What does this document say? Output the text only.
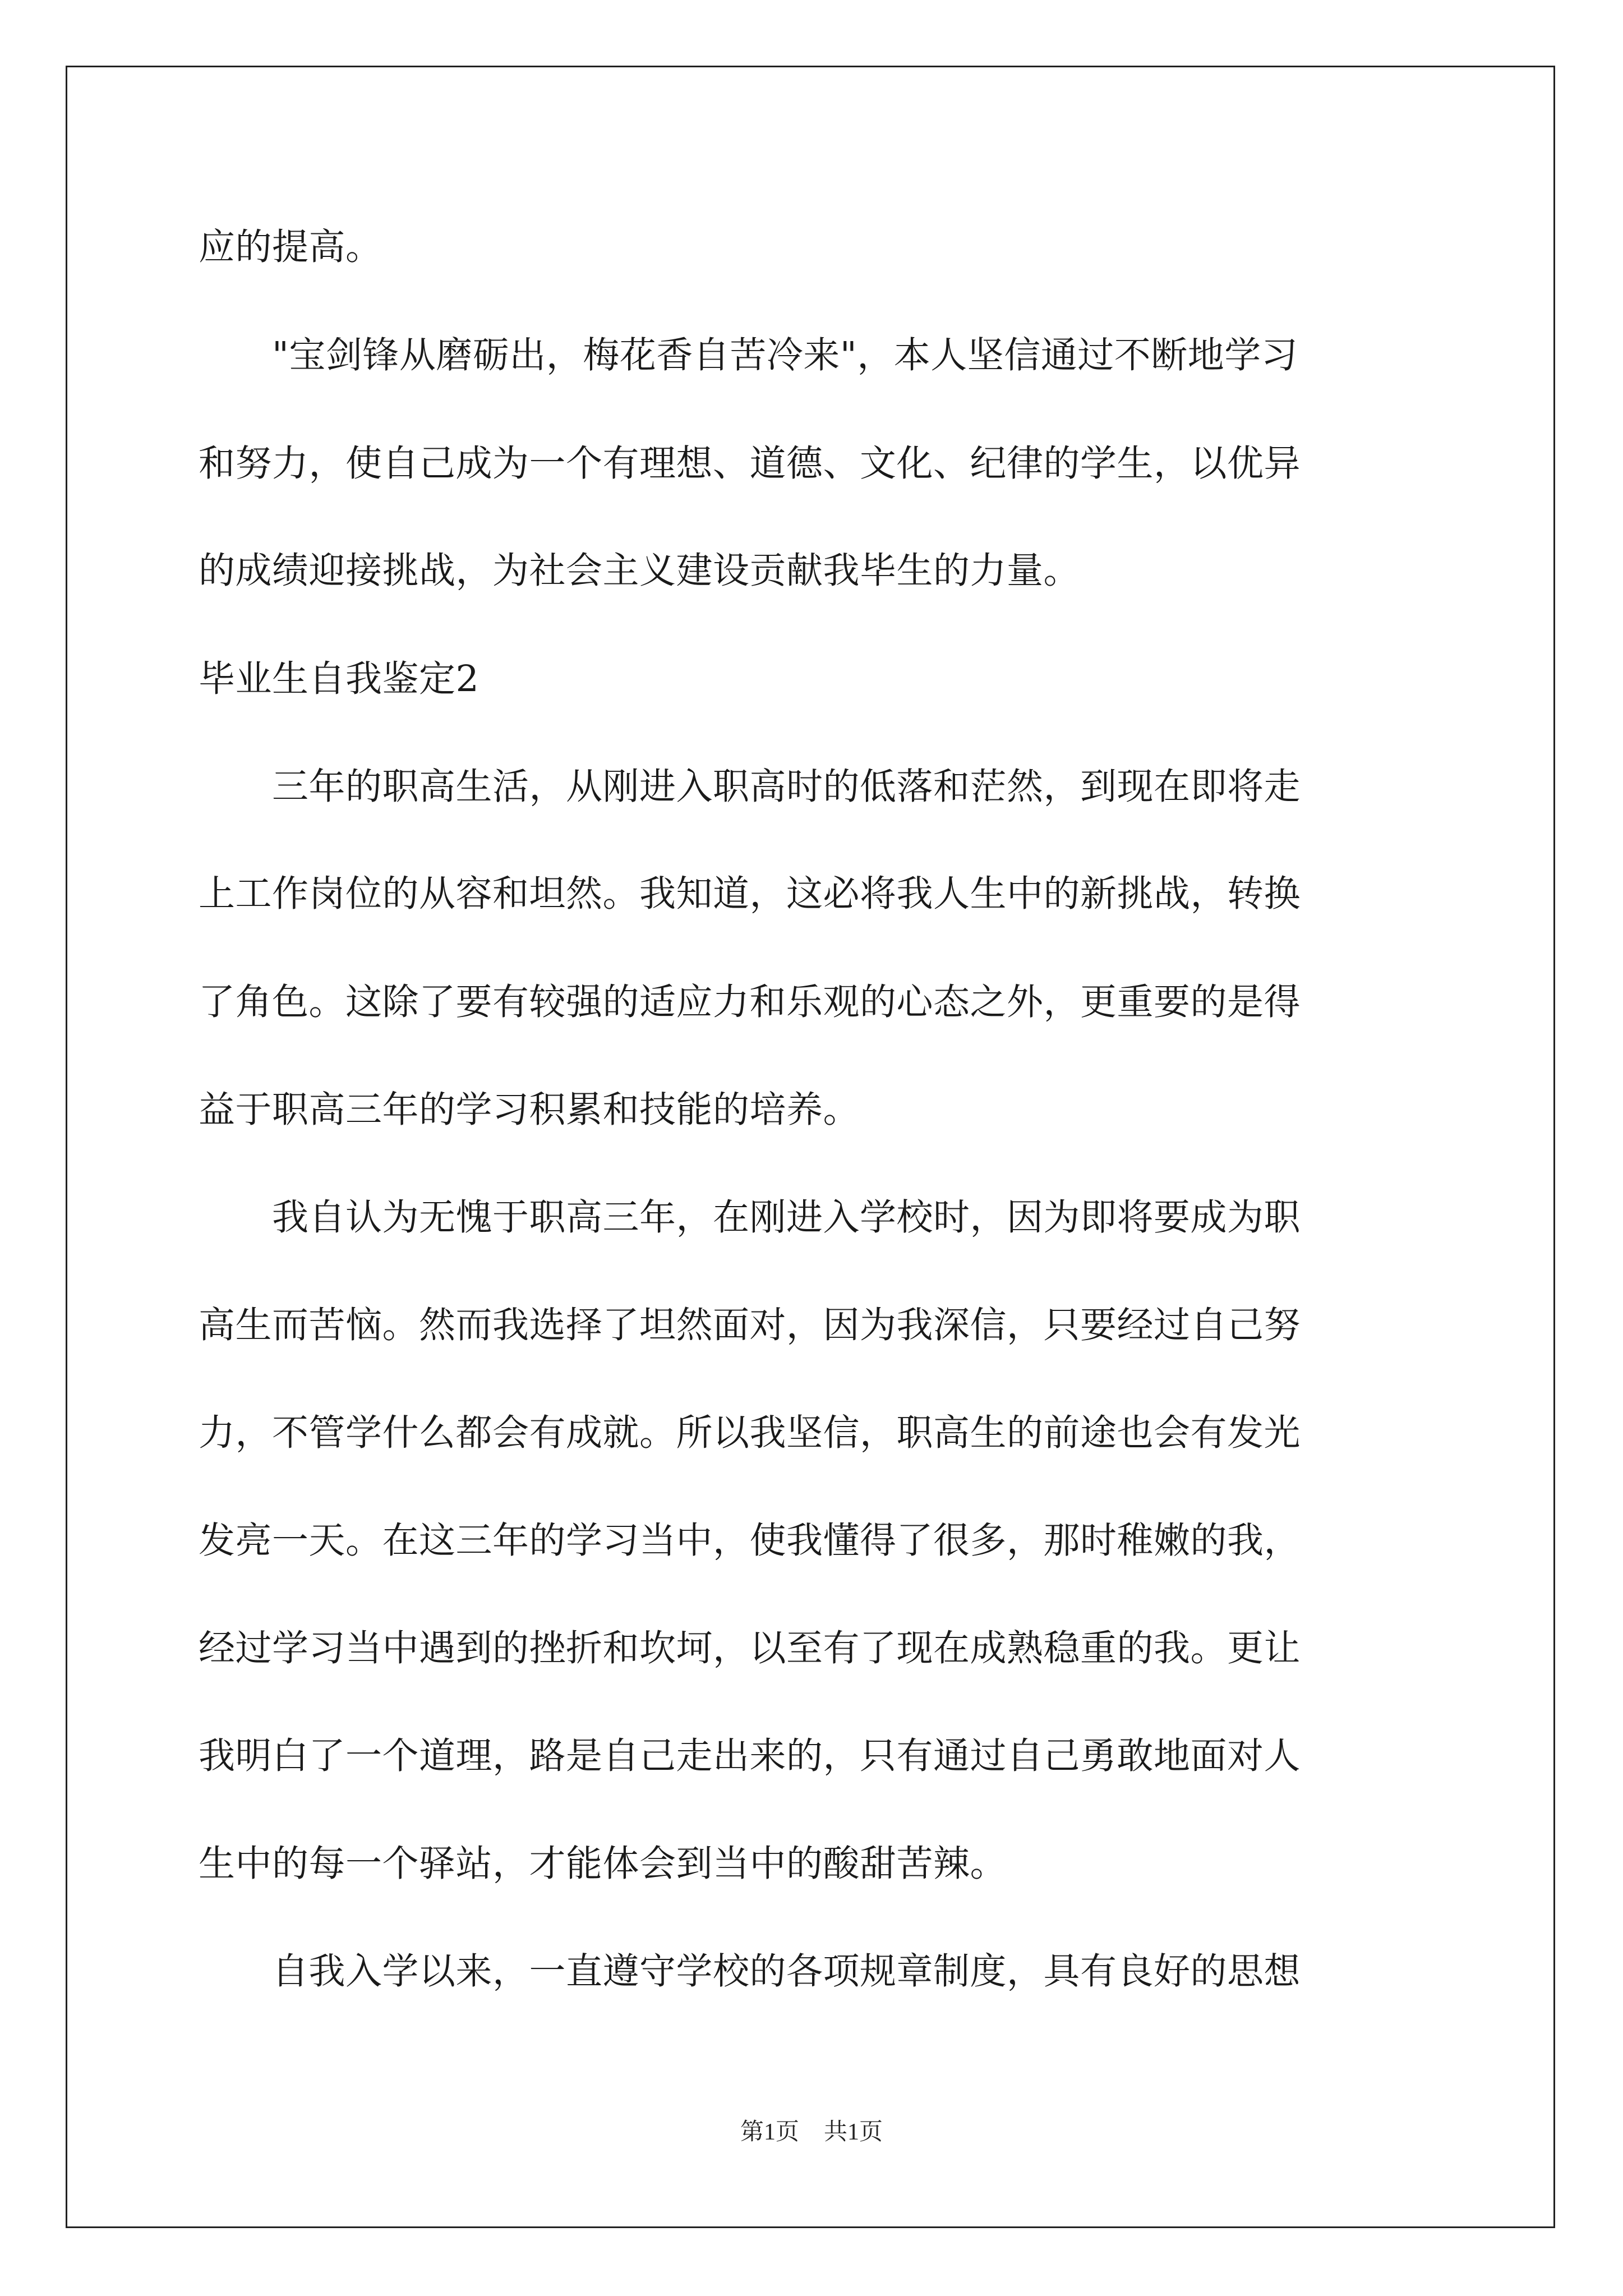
应的提高。
　　"宝剑锋从磨砺出，梅花香自苦冷来"，本人坚信通过不断地学习
和努力，使自己成为一个有理想、道德、文化、纪律的学生，以优异
的成绩迎接挑战，为社会主义建设贡献我毕生的力量。
毕业生自我鉴定2
　　三年的职高生活，从刚进入职高时的低落和茫然，到现在即将走
上工作岗位的从容和坦然。我知道，这必将我人生中的新挑战，转换
了角色。这除了要有较强的适应力和乐观的心态之外，更重要的是得
益于职高三年的学习积累和技能的培养。
　　我自认为无愧于职高三年，在刚进入学校时，因为即将要成为职
高生而苦恼。然而我选择了坦然面对，因为我深信，只要经过自己努
力，不管学什么都会有成就。所以我坚信，职高生的前途也会有发光
发亮一天。在这三年的学习当中，使我懂得了很多，那时稚嫩的我，
经过学习当中遇到的挫折和坎坷，以至有了现在成熟稳重的我。更让
我明白了一个道理，路是自己走出来的，只有通过自己勇敢地面对人
生中的每一个驿站，才能体会到当中的酸甜苦辣。
　　自我入学以来，一直遵守学校的各项规章制度，具有良好的思想
第1页 共1页
